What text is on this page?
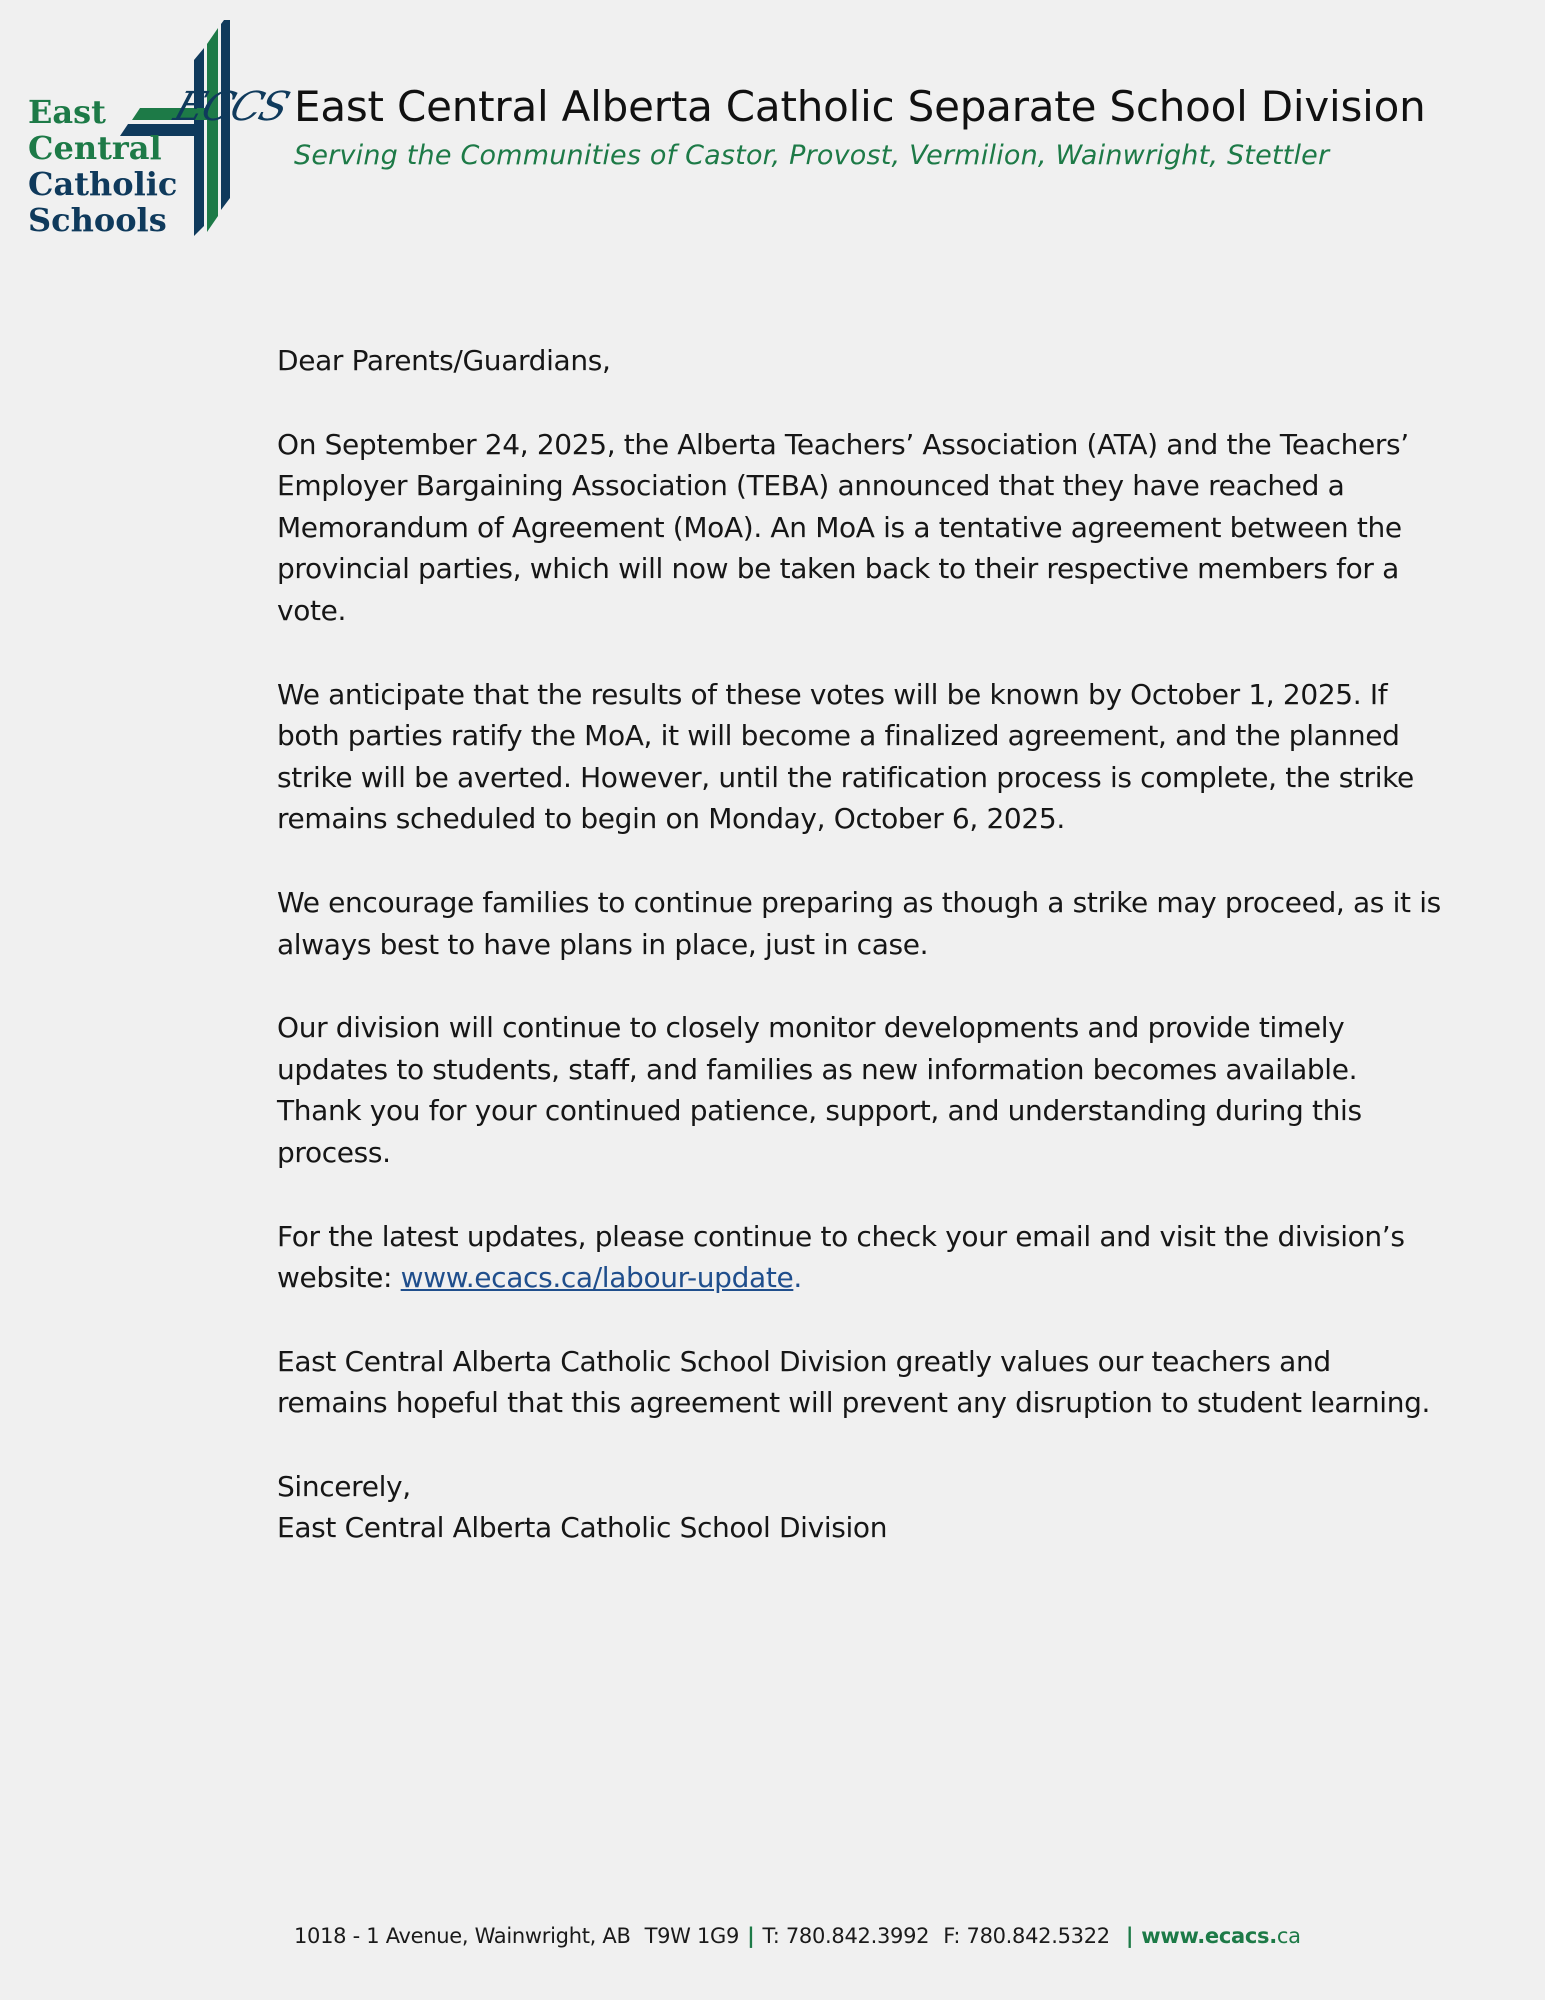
East
Central
Catholic
Schools
ECCS East Central Alberta Catholic Separate School Division
Serving the Communities of Castor, Provost, Vermilion, Wainwright, Stettler

Dear Parents/Guardians,

On September 24, 2025, the Alberta Teachers’ Association (ATA) and the Teachers’ Employer Bargaining Association (TEBA) announced that they have reached a Memorandum of Agreement (MoA). An MoA is a tentative agreement between the provincial parties, which will now be taken back to their respective members for a vote.

We anticipate that the results of these votes will be known by October 1, 2025. If both parties ratify the MoA, it will become a finalized agreement, and the planned strike will be averted. However, until the ratification process is complete, the strike remains scheduled to begin on Monday, October 6, 2025.

We encourage families to continue preparing as though a strike may proceed, as it is always best to have plans in place, just in case.

Our division will continue to closely monitor developments and provide timely updates to students, staff, and families as new information becomes available. Thank you for your continued patience, support, and understanding during this process.

For the latest updates, please continue to check your email and visit the division’s website: www.ecacs.ca/labour-update.

East Central Alberta Catholic School Division greatly values our teachers and remains hopeful that this agreement will prevent any disruption to student learning.

Sincerely,

East Central Alberta Catholic School Division

1018 - 1 Avenue, Wainwright, AB T9W 1G9 | T: 780.842.3992 F: 780.842.5322 | www.ecacs.ca
